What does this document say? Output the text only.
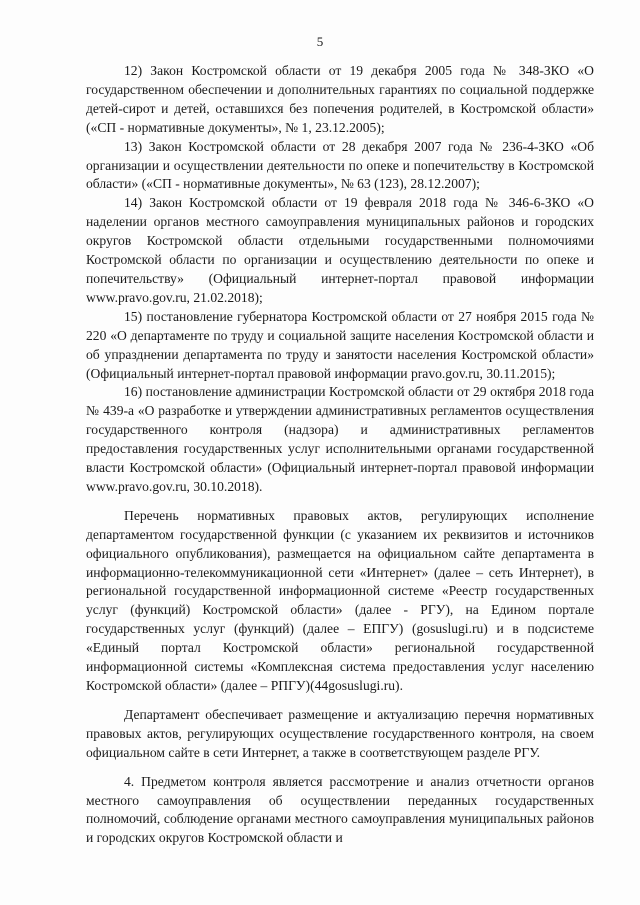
5

12) Закон Костромской области от 19 декабря 2005 года № 348-ЗКО «О государственном обеспечении и дополнительных гарантиях по социальной поддержке детей-сирот и детей, оставшихся без попечения родителей, в Костромской области» («СП - нормативные документы», № 1, 23.12.2005);

13) Закон Костромской области от 28 декабря 2007 года № 236-4-ЗКО «Об организации и осуществлении деятельности по опеке и попечительству в Костромской области» («СП - нормативные документы», № 63 (123), 28.12.2007);

14) Закон Костромской области от 19 февраля 2018 года № 346-6-ЗКО «О наделении органов местного самоуправления муниципальных районов и городских округов Костромской области отдельными государственными полномочиями Костромской области по организации и осуществлению деятельности по опеке и попечительству» (Официальный интернет-портал правовой информации www.pravo.gov.ru, 21.02.2018);

15) постановление губернатора Костромской области от 27 ноября 2015 года № 220 «О департаменте по труду и социальной защите населения Костромской области и об упразднении департамента по труду и занятости населения Костромской области» (Официальный интернет-портал правовой информации pravo.gov.ru, 30.11.2015);

16) постановление администрации Костромской области от 29 октября 2018 года № 439-а «О разработке и утверждении административных регламентов осуществления государственного контроля (надзора) и административных регламентов предоставления государственных услуг исполнительными органами государственной власти Костромской области» (Официальный интернет-портал правовой информации www.pravo.gov.ru, 30.10.2018).

Перечень нормативных правовых актов, регулирующих исполнение департаментом государственной функции (с указанием их реквизитов и источников официального опубликования), размещается на официальном сайте департамента в информационно-телекоммуникационной сети «Интернет» (далее – сеть Интернет), в региональной государственной информационной системе «Реестр государственных услуг (функций) Костромской области» (далее - РГУ), на Едином портале государственных услуг (функций) (далее – ЕПГУ) (gosuslugi.ru) и в подсистеме «Единый портал Костромской области» региональной государственной информационной системы «Комплексная система предоставления услуг населению Костромской области» (далее – РПГУ)(44gosuslugi.ru).

Департамент обеспечивает размещение и актуализацию перечня нормативных правовых актов, регулирующих осуществление государственного контроля, на своем официальном сайте в сети Интернет, а также в соответствующем разделе РГУ.

4. Предметом контроля является рассмотрение и анализ отчетности органов местного самоуправления об осуществлении переданных государственных полномочий, соблюдение органами местного самоуправления муниципальных районов и городских округов Костромской области и
